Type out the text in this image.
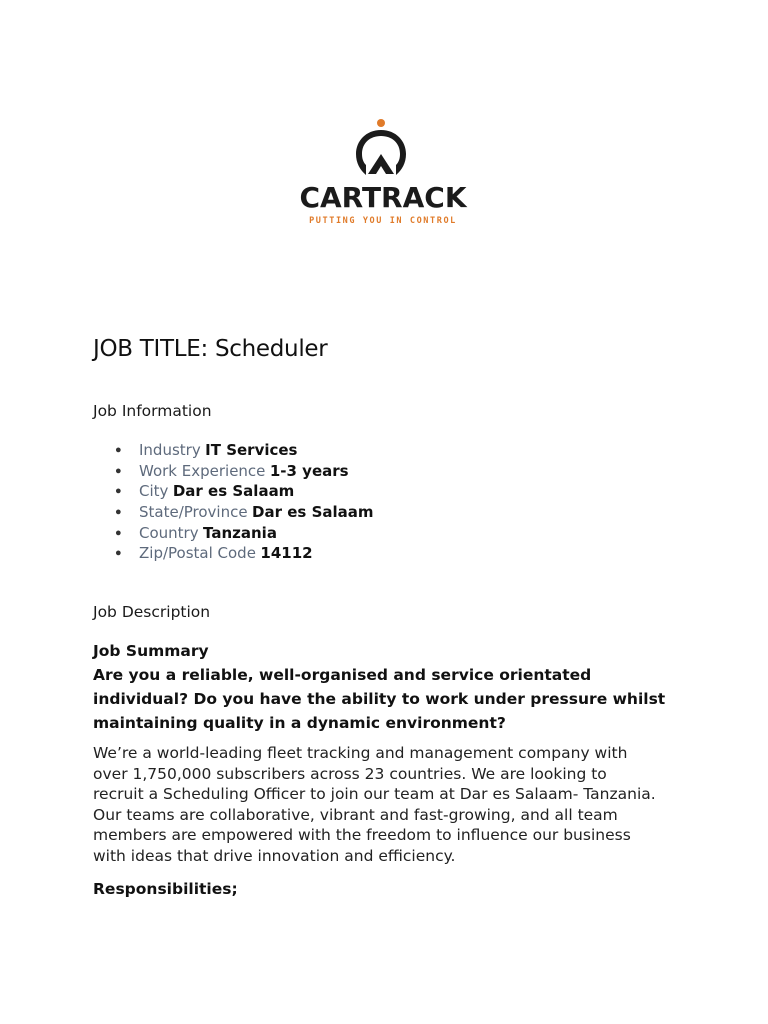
CARTRACK
PUTTING YOU IN CONTROL
JOB TITLE: Scheduler
Job Information
● Industry IT Services
● Work Experience 1-3 years
● City Dar es Salaam
● State/Province Dar es Salaam
● Country Tanzania
● Zip/Postal Code 14112
Job Description
Job Summary

Are you a reliable, well-organised and service orientated individual? Do you have the ability to work under pressure whilst maintaining quality in a dynamic environment?

We’re a world-leading fleet tracking and management company with
over 1,750,000 subscribers across 23 countries. We are looking to
recruit a Scheduling Officer to join our team at Dar es Salaam- Tanzania.
Our teams are collaborative, vibrant and fast-growing, and all team
members are empowered with the freedom to influence our business
with ideas that drive innovation and efficiency.

Responsibilities;
